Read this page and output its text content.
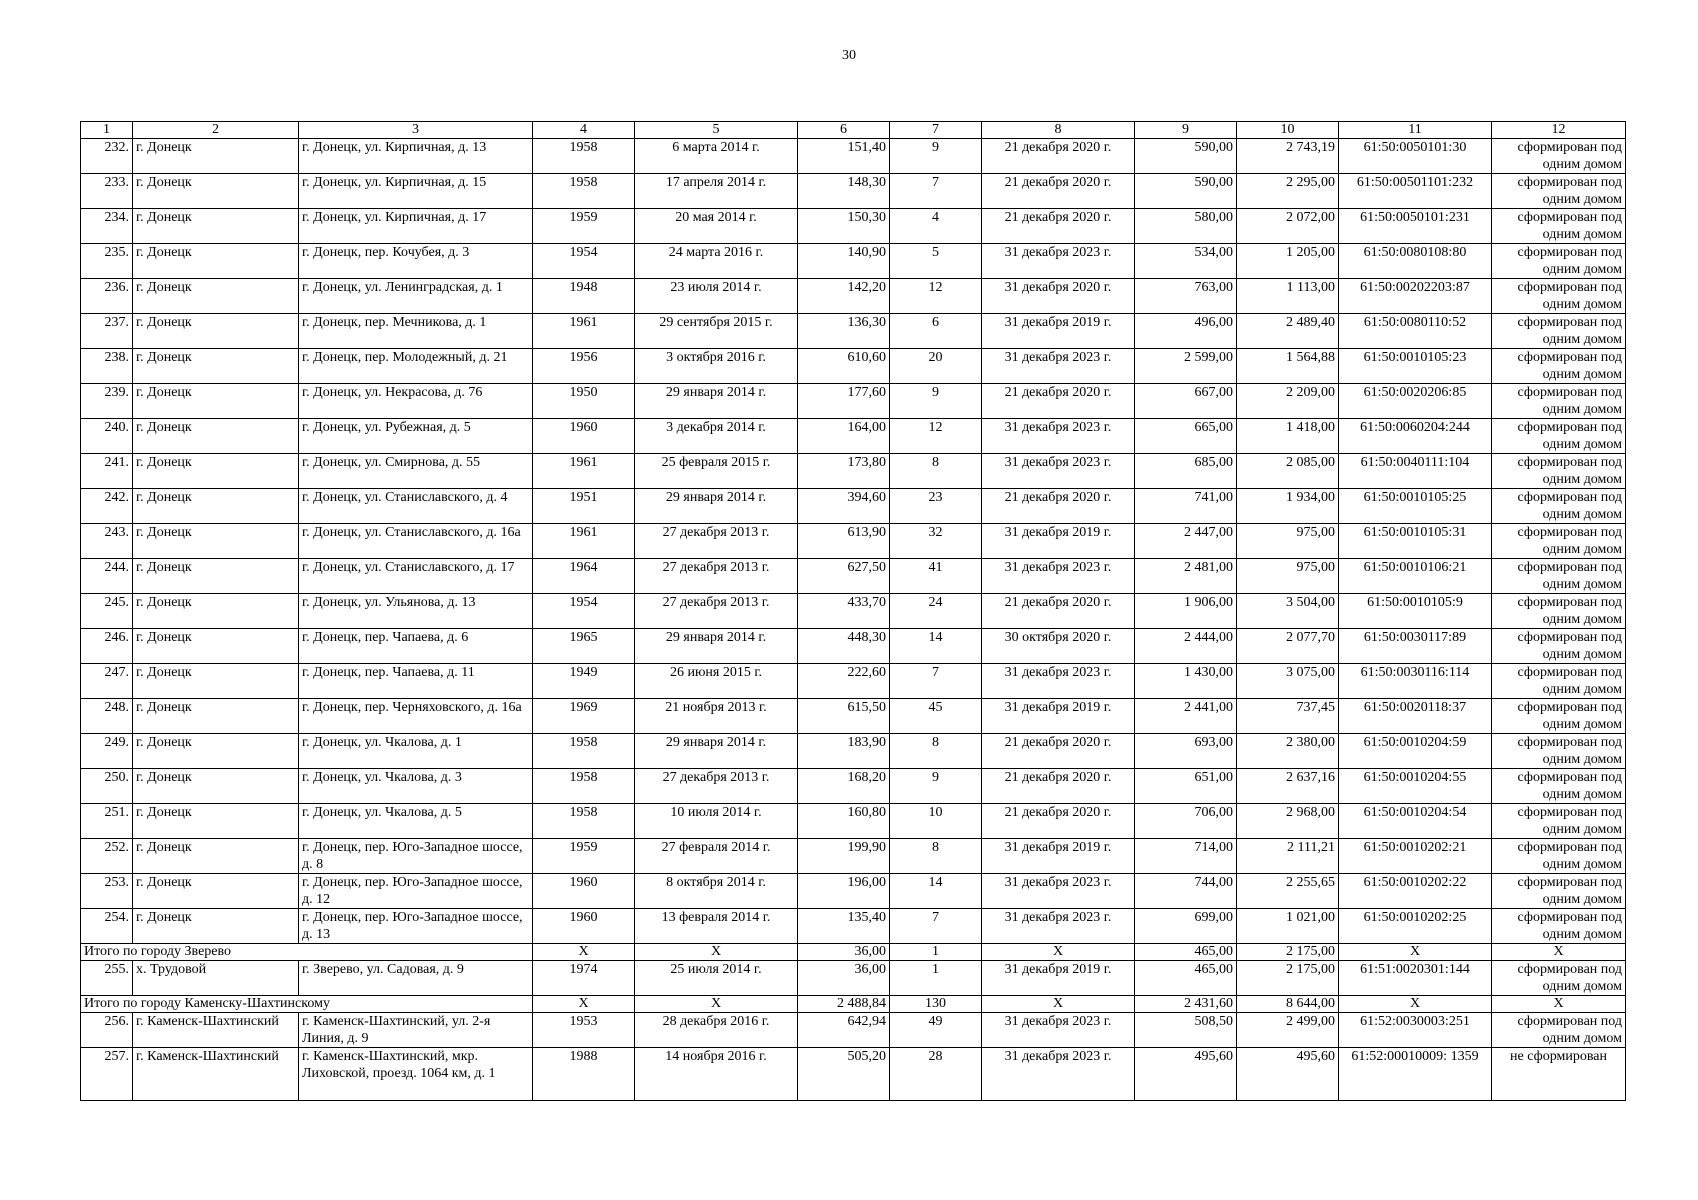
30
1	2	3	4	5	6	7	8	9	10	11	12
232.	г. Донецк	г. Донецк, ул. Кирпичная, д. 13	1958	6 марта 2014 г.	151,40	9	21 декабря 2020 г.	590,00	2 743,19	61:50:0050101:30	сформирован под одним домом
233.	г. Донецк	г. Донецк, ул. Кирпичная, д. 15	1958	17 апреля 2014 г.	148,30	7	21 декабря 2020 г.	590,00	2 295,00	61:50:00501101:232	сформирован под одним домом
234.	г. Донецк	г. Донецк, ул. Кирпичная, д. 17	1959	20 мая 2014 г.	150,30	4	21 декабря 2020 г.	580,00	2 072,00	61:50:0050101:231	сформирован под одним домом
235.	г. Донецк	г. Донецк, пер. Кочубея, д. 3	1954	24 марта 2016 г.	140,90	5	31 декабря 2023 г.	534,00	1 205,00	61:50:0080108:80	сформирован под одним домом
236.	г. Донецк	г. Донецк, ул. Ленинградская, д. 1	1948	23 июля 2014 г.	142,20	12	31 декабря 2020 г.	763,00	1 113,00	61:50:00202203:87	сформирован под одним домом
237.	г. Донецк	г. Донецк, пер. Мечникова, д. 1	1961	29 сентября 2015 г.	136,30	6	31 декабря 2019 г.	496,00	2 489,40	61:50:0080110:52	сформирован под одним домом
238.	г. Донецк	г. Донецк, пер. Молодежный, д. 21	1956	3 октября 2016 г.	610,60	20	31 декабря 2023 г.	2 599,00	1 564,88	61:50:0010105:23	сформирован под одним домом
239.	г. Донецк	г. Донецк, ул. Некрасова, д. 76	1950	29 января 2014 г.	177,60	9	21 декабря 2020 г.	667,00	2 209,00	61:50:0020206:85	сформирован под одним домом
240.	г. Донецк	г. Донецк, ул. Рубежная, д. 5	1960	3 декабря 2014 г.	164,00	12	31 декабря 2023 г.	665,00	1 418,00	61:50:0060204:244	сформирован под одним домом
241.	г. Донецк	г. Донецк, ул. Смирнова, д. 55	1961	25 февраля 2015 г.	173,80	8	31 декабря 2023 г.	685,00	2 085,00	61:50:0040111:104	сформирован под одним домом
242.	г. Донецк	г. Донецк, ул. Станиславского, д. 4	1951	29 января 2014 г.	394,60	23	21 декабря 2020 г.	741,00	1 934,00	61:50:0010105:25	сформирован под одним домом
243.	г. Донецк	г. Донецк, ул. Станиславского, д. 16а	1961	27 декабря 2013 г.	613,90	32	31 декабря 2019 г.	2 447,00	975,00	61:50:0010105:31	сформирован под одним домом
244.	г. Донецк	г. Донецк, ул. Станиславского, д. 17	1964	27 декабря 2013 г.	627,50	41	31 декабря 2023 г.	2 481,00	975,00	61:50:0010106:21	сформирован под одним домом
245.	г. Донецк	г. Донецк, ул. Ульянова, д. 13	1954	27 декабря 2013 г.	433,70	24	21 декабря 2020 г.	1 906,00	3 504,00	61:50:0010105:9	сформирован под одним домом
246.	г. Донецк	г. Донецк, пер. Чапаева, д. 6	1965	29 января 2014 г.	448,30	14	30 октября 2020 г.	2 444,00	2 077,70	61:50:0030117:89	сформирован под одним домом
247.	г. Донецк	г. Донецк, пер. Чапаева, д. 11	1949	26 июня 2015 г.	222,60	7	31 декабря 2023 г.	1 430,00	3 075,00	61:50:0030116:114	сформирован под одним домом
248.	г. Донецк	г. Донецк, пер. Черняховского, д. 16а	1969	21 ноября 2013 г.	615,50	45	31 декабря 2019 г.	2 441,00	737,45	61:50:0020118:37	сформирован под одним домом
249.	г. Донецк	г. Донецк, ул. Чкалова, д. 1	1958	29 января 2014 г.	183,90	8	21 декабря 2020 г.	693,00	2 380,00	61:50:0010204:59	сформирован под одним домом
250.	г. Донецк	г. Донецк, ул. Чкалова, д. 3	1958	27 декабря 2013 г.	168,20	9	21 декабря 2020 г.	651,00	2 637,16	61:50:0010204:55	сформирован под одним домом
251.	г. Донецк	г. Донецк, ул. Чкалова, д. 5	1958	10 июля 2014 г.	160,80	10	21 декабря 2020 г.	706,00	2 968,00	61:50:0010204:54	сформирован под одним домом
252.	г. Донецк	г. Донецк, пер. Юго-Западное шоссе, д. 8	1959	27 февраля 2014 г.	199,90	8	31 декабря 2019 г.	714,00	2 111,21	61:50:0010202:21	сформирован под одним домом
253.	г. Донецк	г. Донецк, пер. Юго-Западное шоссе, д. 12	1960	8 октября 2014 г.	196,00	14	31 декабря 2023 г.	744,00	2 255,65	61:50:0010202:22	сформирован под одним домом
254.	г. Донецк	г. Донецк, пер. Юго-Западное шоссе, д. 13	1960	13 февраля 2014 г.	135,40	7	31 декабря 2023 г.	699,00	1 021,00	61:50:0010202:25	сформирован под одним домом
Итого по городу Зверево			X	X	36,00	1	X	465,00	2 175,00	X	X
255.	х. Трудовой	г. Зверево, ул. Садовая, д. 9	1974	25 июля 2014 г.	36,00	1	31 декабря 2019 г.	465,00	2 175,00	61:51:0020301:144	сформирован под одним домом
Итого по городу Каменску-Шахтинскому			X	X	2 488,84	130	X	2 431,60	8 644,00	X	X
256.	г. Каменск-Шахтинский	г. Каменск-Шахтинский, ул. 2-я Линия, д. 9	1953	28 декабря 2016 г.	642,94	49	31 декабря 2023 г.	508,50	2 499,00	61:52:0030003:251	сформирован под одним домом
257.	г. Каменск-Шахтинский	г. Каменск-Шахтинский, мкр. Лиховской, проезд. 1064 км, д. 1	1988	14 ноября 2016 г.	505,20	28	31 декабря 2023 г.	495,60	495,60	61:52:00010009: 1359	не сформирован
